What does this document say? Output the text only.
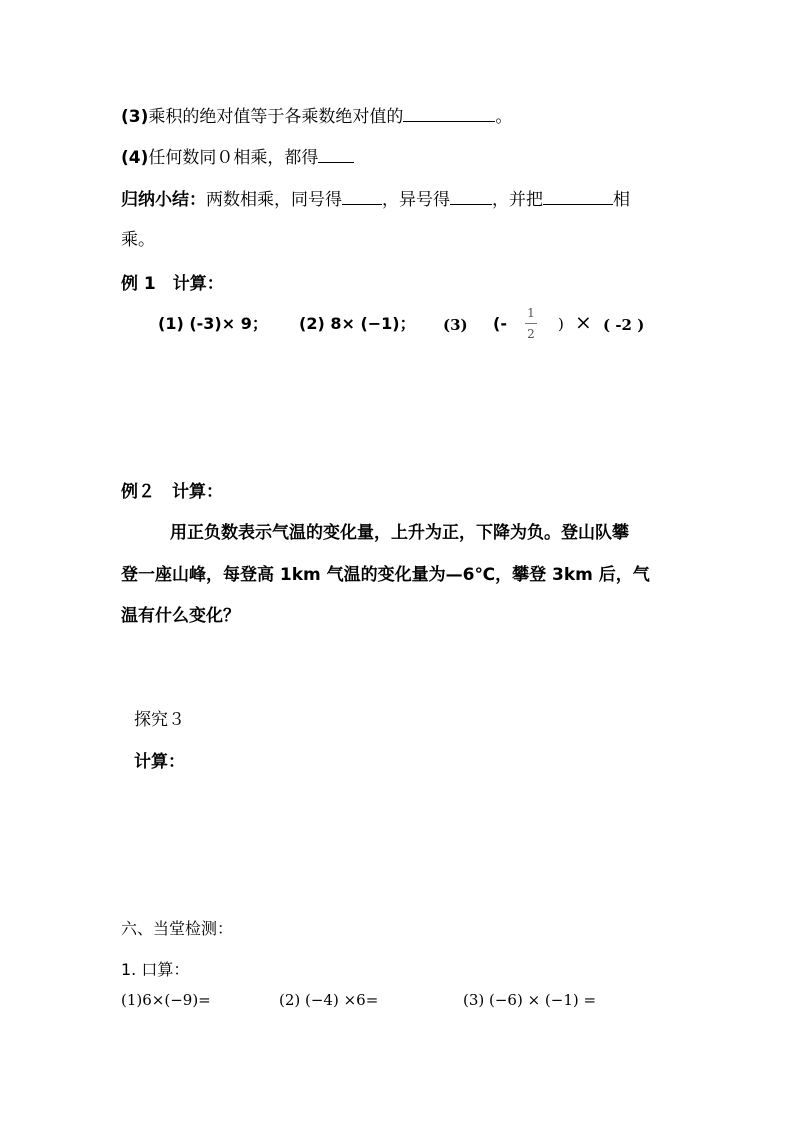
(3)乘积的绝对值等于各乘数绝对值的	。
(4)任何数同０相乘，都得
归纳小结：两数相乘，同号得 ，异号得 ，并把	相
乘。
例 1　计算：
(1) (-3)× 9； (2) 8× (−1)； (3) (-
1
2
) × ( -2 )
例２　计算：
用正负数表示气温的变化量，上升为正，下降为负。登山队攀
登一座山峰，每登高 1km 气温的变化量为—6℃，攀登 3km 后，气
温有什么变化？
探究３
计算：
六、当堂检测：
1. 口算：
(1)6×(−9)=	(2) (−4) ×6=	(3) (−6) × (−1) =
